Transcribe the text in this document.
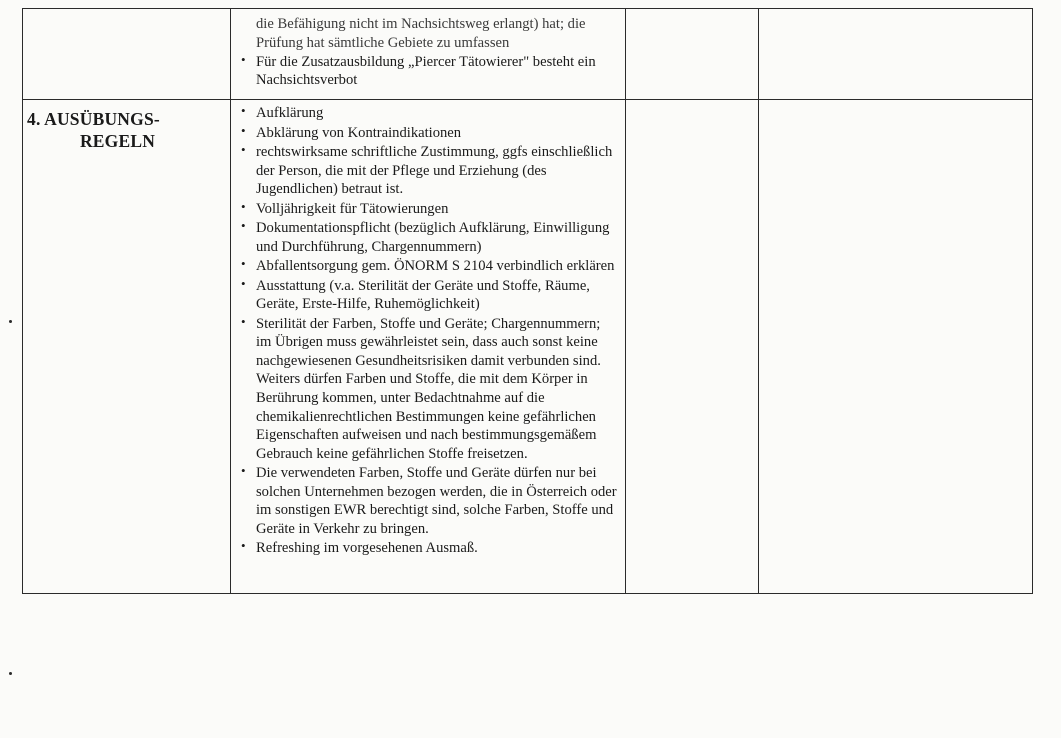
die Befähigung nicht im Nachsichtsweg erlangt) hat; die
Prüfung hat sämtliche Gebiete zu umfassen
• Für die Zusatzausbildung „Piercer Tätowierer" besteht ein Nachsichtsverbot

4. AUSÜBUNGS-
REGELN

• Aufklärung
• Abklärung von Kontraindikationen
• rechtswirksame schriftliche Zustimmung, ggfs einschließlich der Person, die mit der Pflege und Erziehung (des Jugendlichen) betraut ist.
• Volljährigkeit für Tätowierungen
• Dokumentationspflicht (bezüglich Aufklärung, Einwilligung und Durchführung, Chargennummern)
• Abfallentsorgung gem. ÖNORM S 2104 verbindlich erklären
• Ausstattung (v.a. Sterilität der Geräte und Stoffe, Räume, Geräte, Erste-Hilfe, Ruhemöglichkeit)
• Sterilität der Farben, Stoffe und Geräte; Chargennummern; im Übrigen muss gewährleistet sein, dass auch sonst keine nachgewiesenen Gesundheitsrisiken damit verbunden sind. Weiters dürfen Farben und Stoffe, die mit dem Körper in Berührung kommen, unter Bedachtnahme auf die chemikalienrechtlichen Bestimmungen keine gefährlichen Eigenschaften aufweisen und nach bestimmungsgemäßem Gebrauch keine gefährlichen Stoffe freisetzen.
• Die verwendeten Farben, Stoffe und Geräte dürfen nur bei solchen Unternehmen bezogen werden, die in Österreich oder im sonstigen EWR berechtigt sind, solche Farben, Stoffe und Geräte in Verkehr zu bringen.
• Refreshing im vorgesehenen Ausmaß.
